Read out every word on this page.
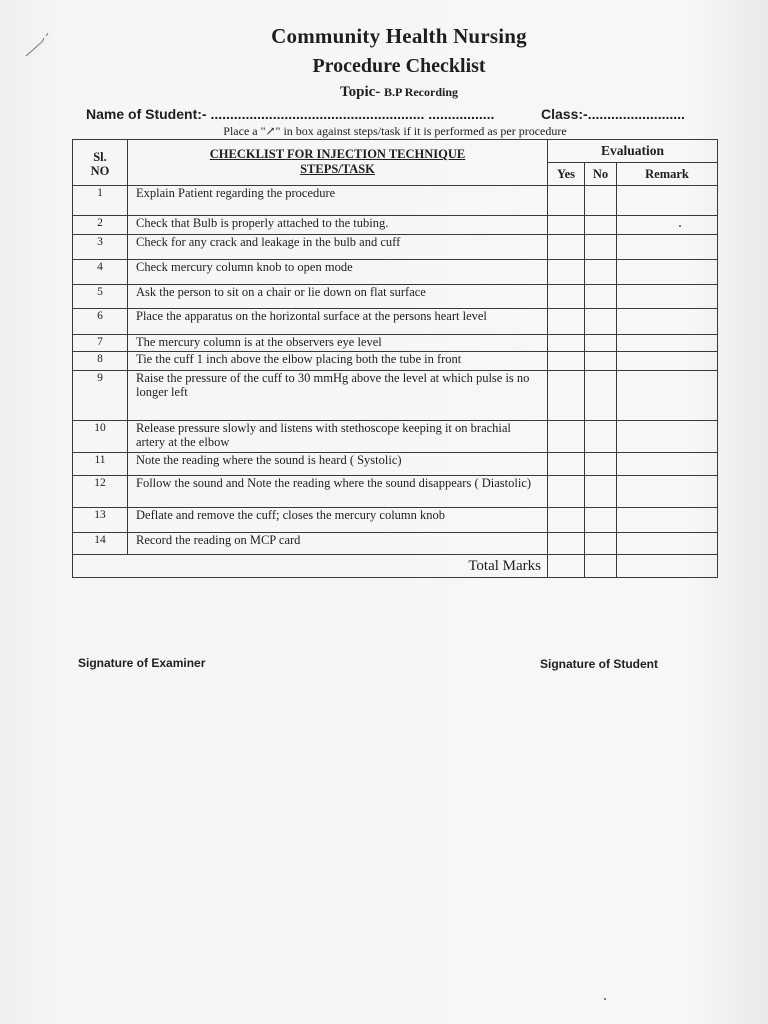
Community Health Nursing
Procedure Checklist
Topic- B.P Recording
Name of Student:- ....................................................... .................	Class:-.........................
Place a "↗" in box against steps/task if it is performed as per procedure
Sl. NO	CHECKLIST FOR INJECTION TECHNIQUE
STEPS/TASK	Evaluation		
		Yes	No	Remark
1	Explain Patient regarding the procedure			
2	Check that Bulb is properly attached to the tubing.			
3	Check for any crack and leakage in the bulb and cuff			
4	Check mercury column knob to open mode			
5	Ask the person to sit on a chair or lie down on flat surface			
6	Place the apparatus on the horizontal surface at the persons heart level			
7	The mercury column is at the observers eye level			
8	Tie the cuff 1 inch above the elbow placing both the tube in front			
9	Raise the pressure of the cuff to 30 mmHg above the level at which pulse is no longer left			
10	Release pressure slowly and listens with stethoscope keeping it on brachial artery at the elbow			
11	Note the reading where the sound is heard ( Systolic)			
12	Follow the sound and Note the reading where the sound disappears ( Diastolic)			
13	Deflate and remove the cuff; closes the mercury column knob			
14	Record the reading on MCP card			
Total Marks				
Signature of Examiner	Signature of Student
